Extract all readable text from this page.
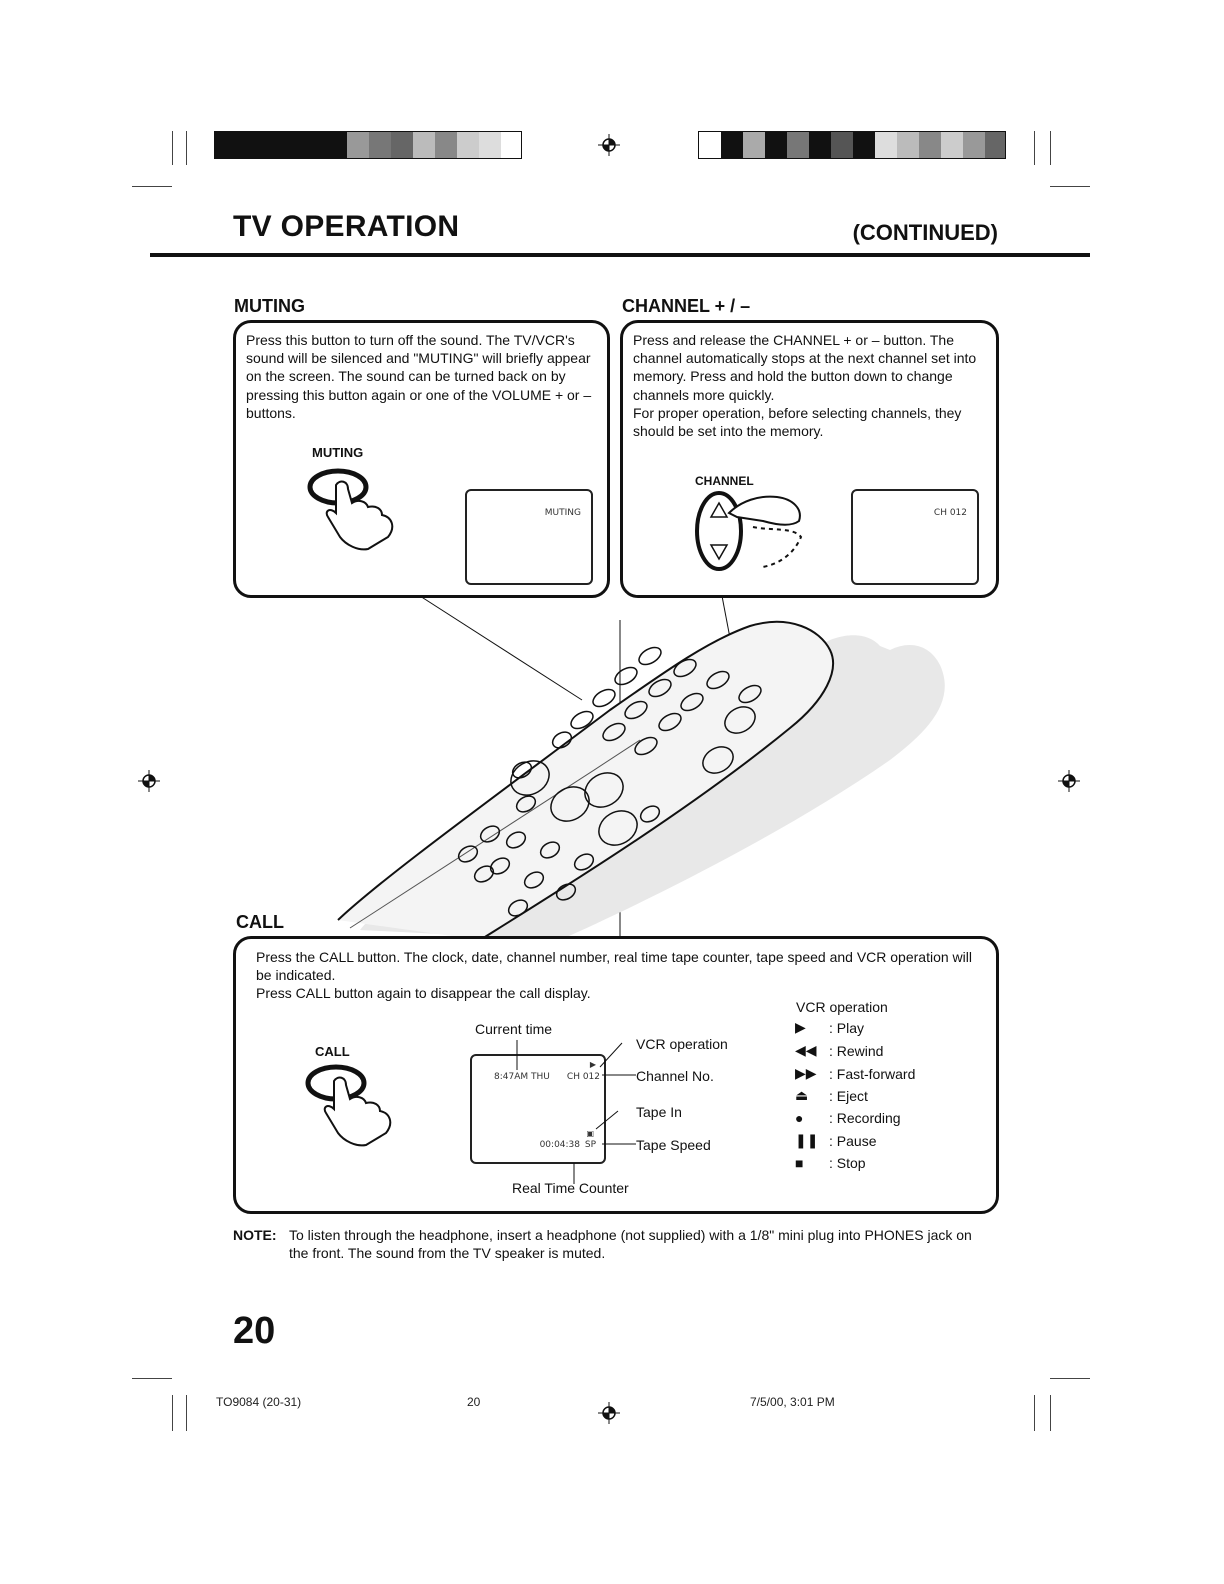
TV OPERATION	(CONTINUED)
MUTING
Press this button to turn off the sound. The TV/VCR's sound will be silenced and "MUTING" will briefly appear on the screen. The sound can be turned back on by pressing this button again or one of the VOLUME + or – buttons.
MUTING
MUTING
CHANNEL + / –
Press and release the CHANNEL + or – button. The channel automatically stops at the next channel set into memory. Press and hold the button down to change channels more quickly.
For proper operation, before selecting channels, they should be set into the memory.
CHANNEL
CH 012
CALL
Press the CALL button. The clock, date, channel number, real time tape counter, tape speed and VCR operation will be indicated.
Press CALL button again to disappear the call display.
CALL
Current time
8:47AM THU CH 012
▶
▣
00:04:38 SP
VCR operation
Channel No.
Tape In
Tape Speed
Real Time Counter
VCR operation
▶	: Play
◀◀ : Rewind
▶▶ : Fast-forward
⏏	: Eject
●	: Recording
❚❚ : Pause
■	: Stop
NOTE: To listen through the headphone, insert a headphone (not supplied) with a 1/8" mini plug into PHONES jack on the front. The sound from the TV speaker is muted.
20
TO9084 (20-31)	20	7/5/00, 3:01 PM
